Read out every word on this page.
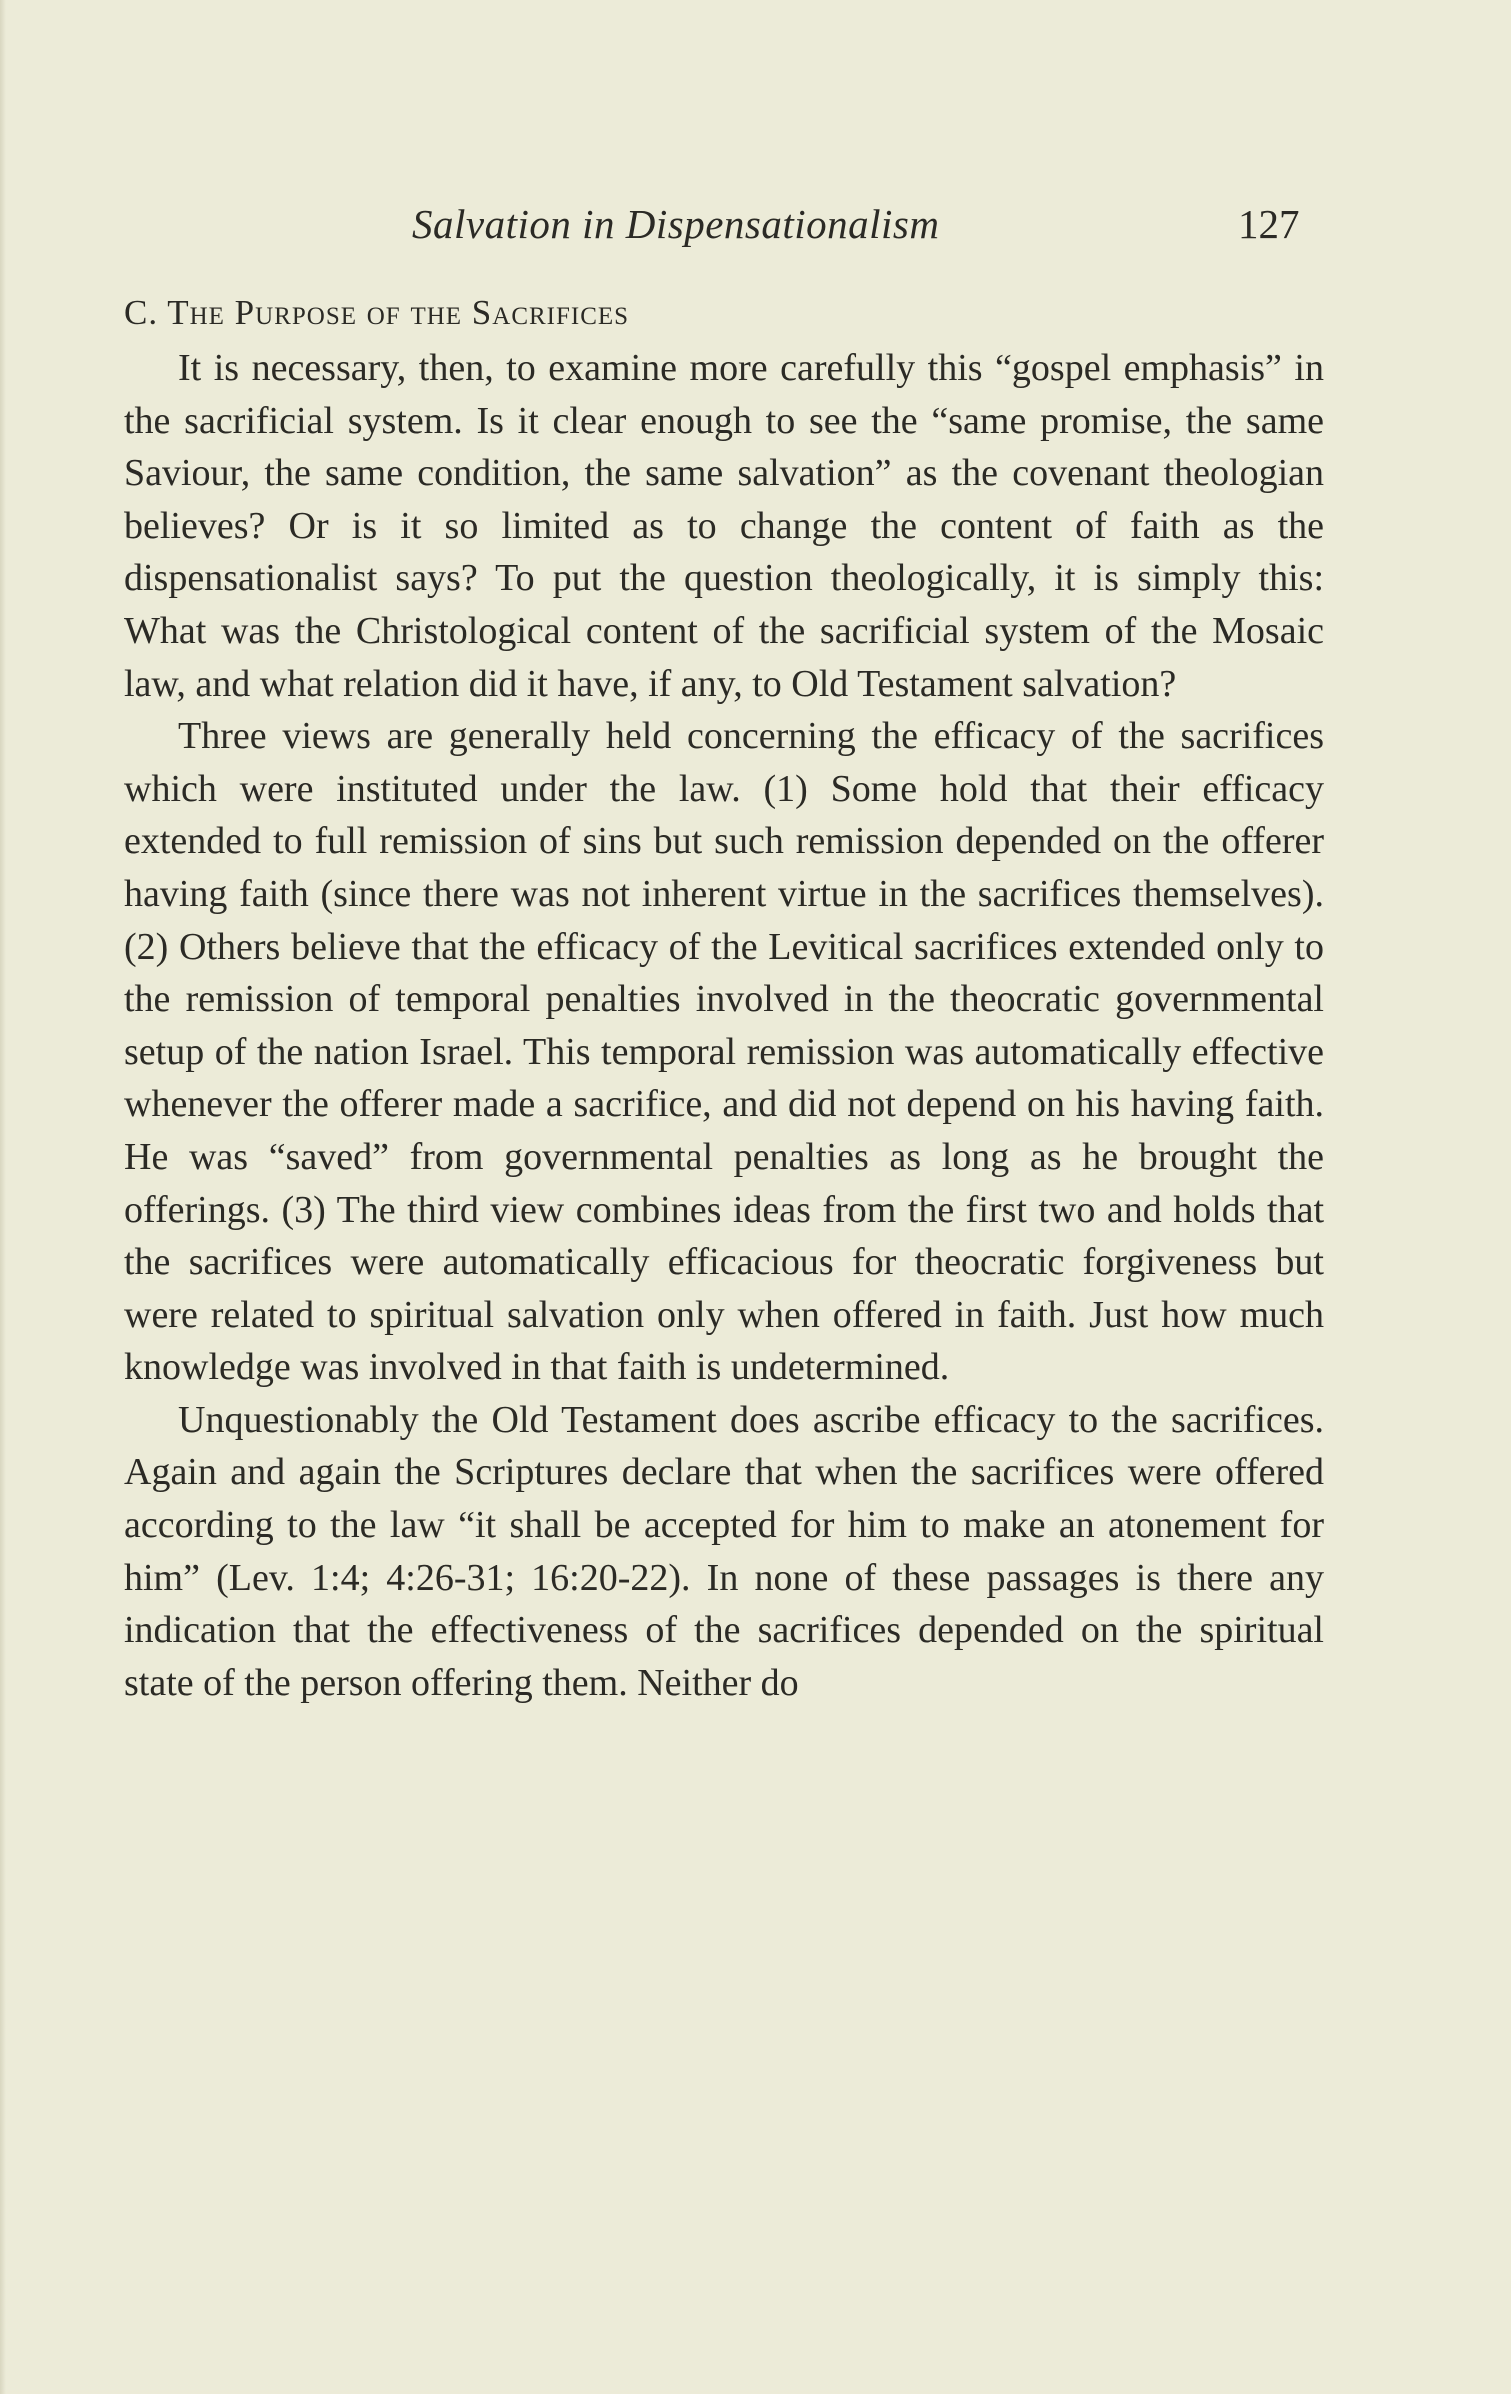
Salvation in Dispensationalism	127
C. The Purpose of the Sacrifices

It is necessary, then, to examine more carefully this “gospel emphasis” in the sacrificial system. Is it clear enough to see the “same promise, the same Saviour, the same condition, the same salvation” as the covenant theologian believes? Or is it so limited as to change the content of faith as the dispensationalist says? To put the question theologically, it is simply this: What was the Christological content of the sacrificial system of the Mosaic law, and what relation did it have, if any, to Old Testament salvation?

Three views are generally held concerning the efficacy of the sacrifices which were instituted under the law. (1) Some hold that their efficacy extended to full remission of sins but such remission depended on the offerer having faith (since there was not inherent virtue in the sacrifices themselves). (2) Others believe that the efficacy of the Levitical sacrifices extended only to the remission of temporal penalties involved in the theocratic governmental setup of the nation Israel. This temporal remission was automatically effective whenever the offerer made a sacrifice, and did not depend on his having faith. He was “saved” from governmental penalties as long as he brought the offerings. (3) The third view combines ideas from the first two and holds that the sacrifices were automatically efficacious for theocratic forgiveness but were related to spiritual salvation only when offered in faith. Just how much knowledge was involved in that faith is undetermined.

Unquestionably the Old Testament does ascribe efficacy to the sacrifices. Again and again the Scriptures declare that when the sacrifices were offered according to the law “it shall be accepted for him to make an atonement for him” (Lev. 1:4; 4:26-31; 16:20-22). In none of these passages is there any indication that the effectiveness of the sacrifices depended on the spiritual state of the person offering them. Neither do
